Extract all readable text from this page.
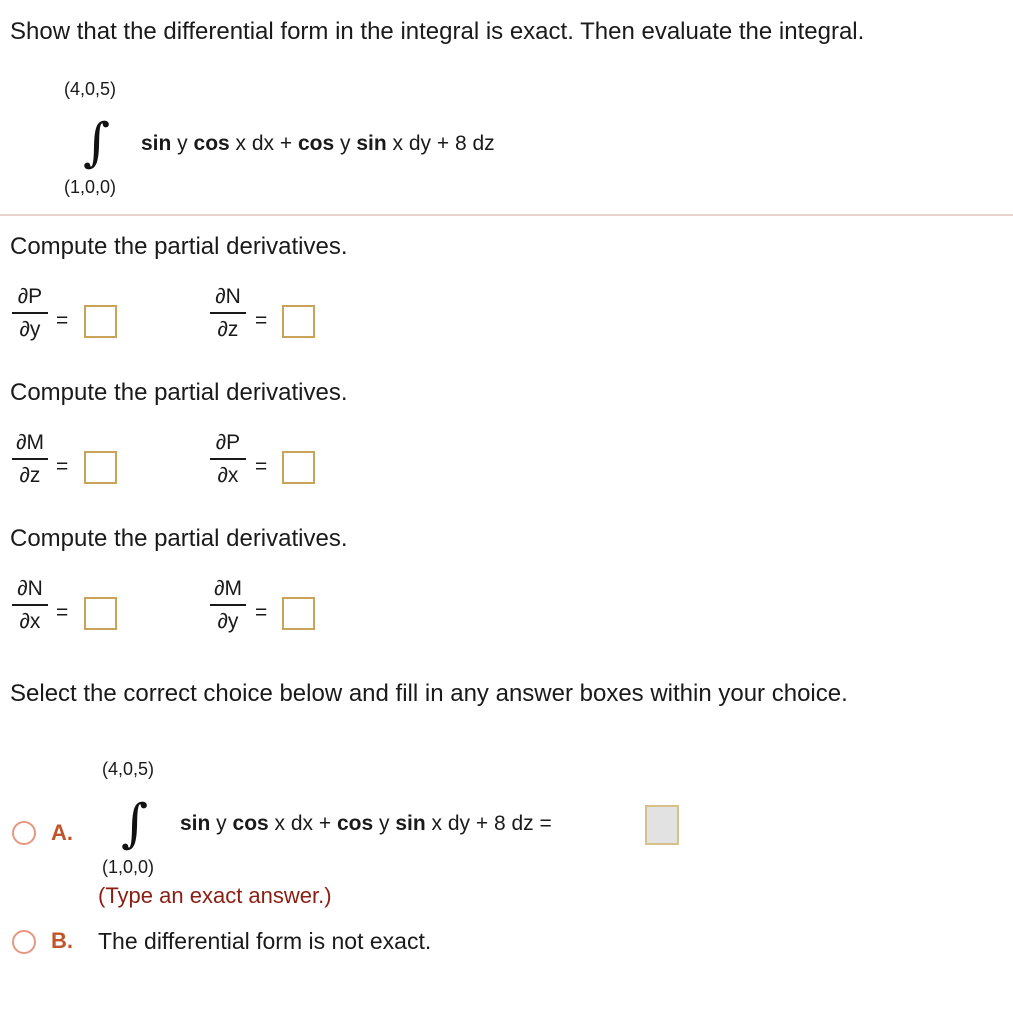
Show that the differential form in the integral is exact. Then evaluate the integral.
(4,0,5)
∫ sin y cos x dx + cos y sin x dy + 8 dz
(1,0,0)
Compute the partial derivatives.
∂P
∂y =
∂N
∂z =
Compute the partial derivatives.
∂M
∂z =
∂P
∂x =
Compute the partial derivatives.
∂N
∂x =
∂M
∂y =
Select the correct choice below and fill in any answer boxes within your choice.
A.
(4,0,5)
∫ sin y cos x dx + cos y sin x dy + 8 dz =
(1,0,0)
(Type an exact answer.)
B. The differential form is not exact.
